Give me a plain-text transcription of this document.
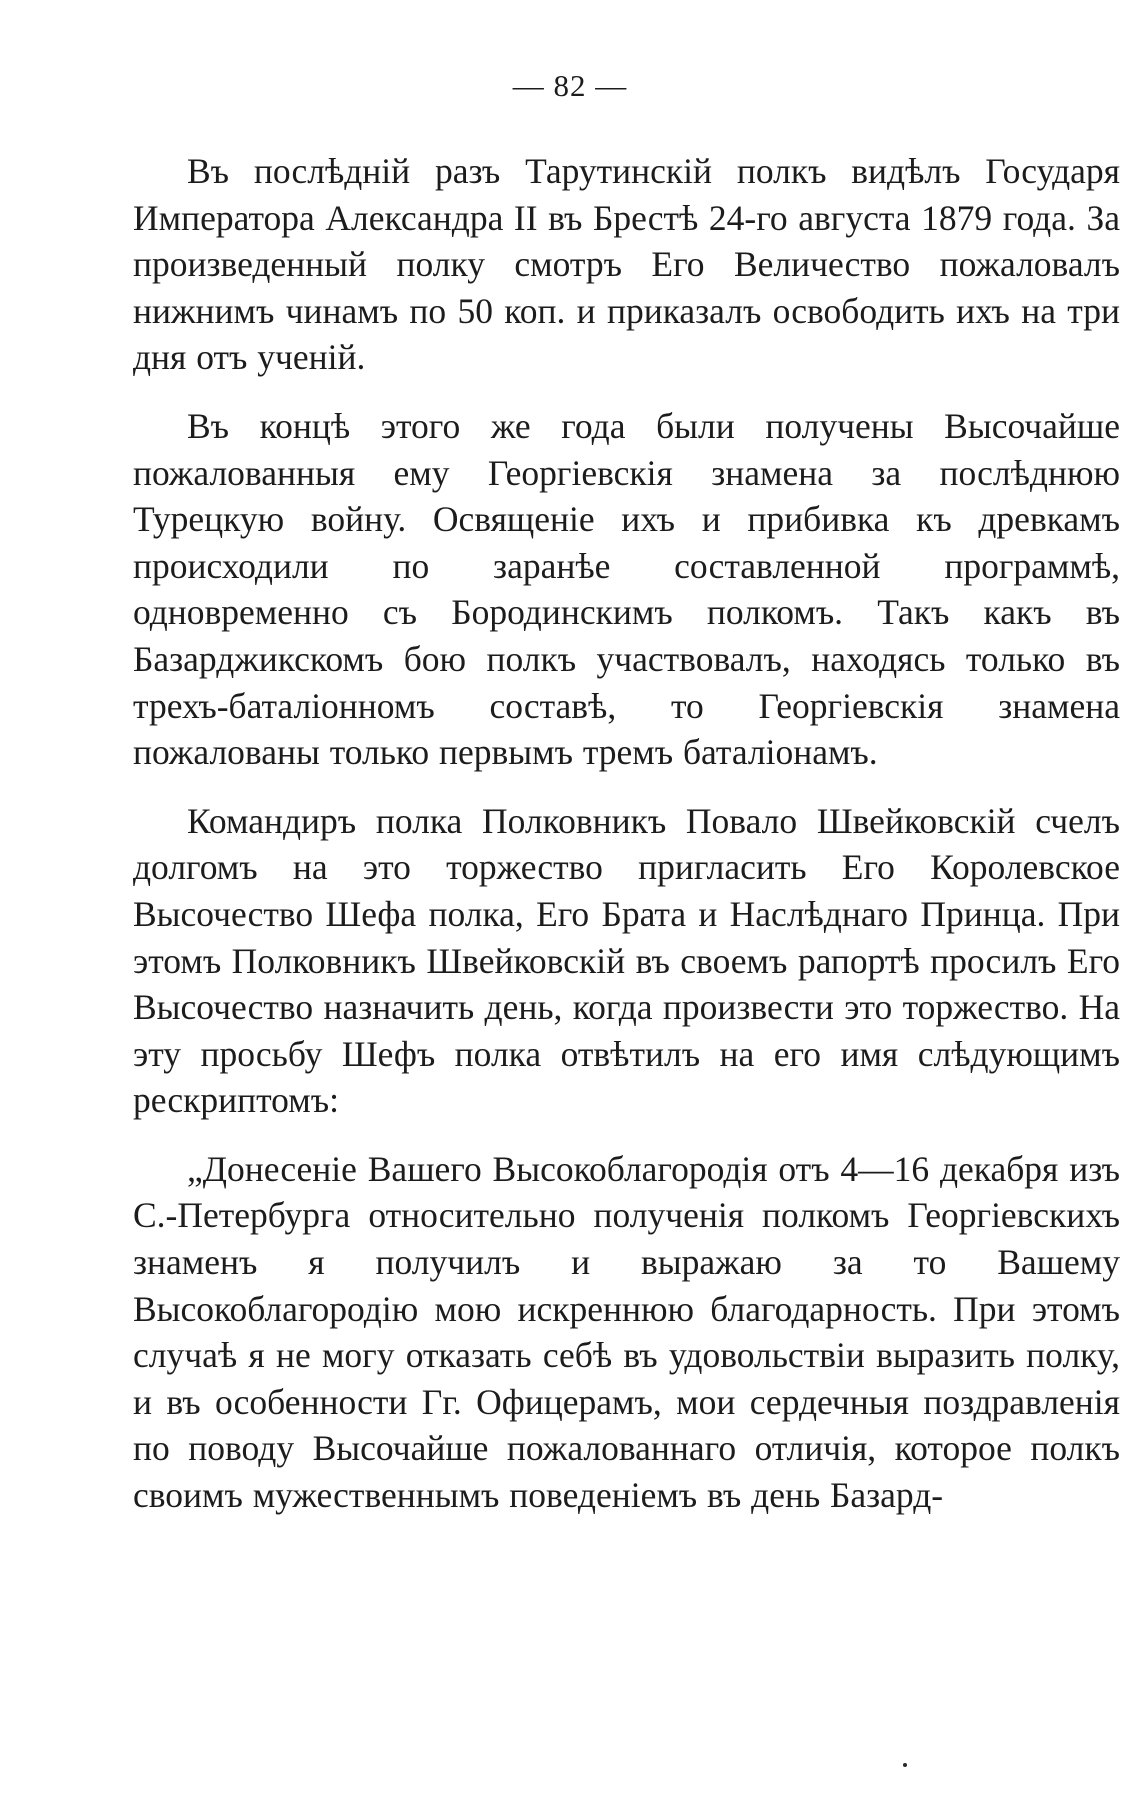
— 82 —

Въ послѣдній разъ Тарутинскій полкъ видѣлъ Государя Императора Александра II въ Брестѣ 24-го августа 1879 года. За произведенный полку смотръ Его Величество пожаловалъ нижнимъ чинамъ по 50 коп. и приказалъ освободить ихъ на три дня отъ ученій.

Въ концѣ этого же года были получены Высочайше пожалованныя ему Георгіевскія знамена за послѣднюю Турецкую войну. Освященіе ихъ и прибивка къ древкамъ происходили по заранѣе составленной программѣ, одновременно съ Бородинскимъ полкомъ. Такъ какъ въ Базарджикскомъ бою полкъ участвовалъ, находясь только въ трехъ-баталіонномъ составѣ, то Георгіевскія знамена пожалованы только первымъ тремъ баталіонамъ.

Командиръ полка Полковникъ Повало Швейковскій счелъ долгомъ на это торжество пригласить Его Королевское Высочество Шефа полка, Его Брата и Наслѣднаго Принца. При этомъ Полковникъ Швейковскій въ своемъ рапортѣ просилъ Его Высочество назначить день, когда произвести это торжество. На эту просьбу Шефъ полка отвѣтилъ на его имя слѣдующимъ рескриптомъ:

„Донесеніе Вашего Высокоблагородія отъ 4—16 декабря изъ С.-Петербурга относительно полученія полкомъ Георгіевскихъ знаменъ я получилъ и выражаю за то Вашему Высокоблагородію мою искреннюю благодарность. При этомъ случаѣ я не могу отказать себѣ въ удовольствіи выразить полку, и въ особенности Гг. Офицерамъ, мои сердечныя поздравленія по поводу Высочайше пожалованнаго отличія, которое полкъ своимъ мужественнымъ поведеніемъ въ день Базард-
